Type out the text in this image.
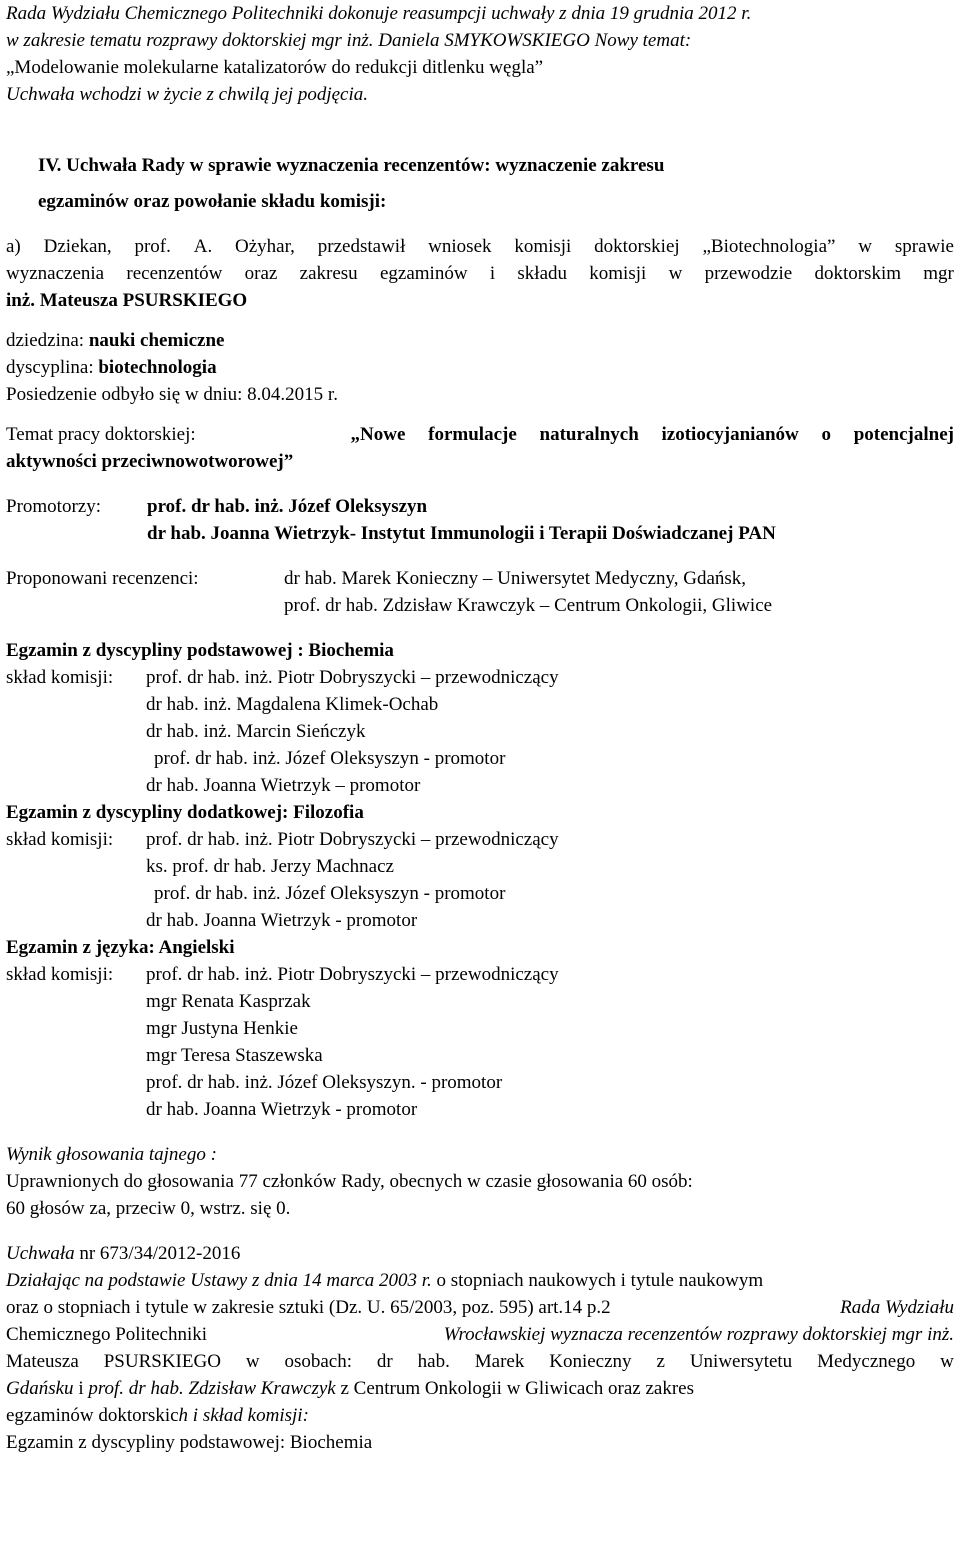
Rada Wydziału Chemicznego Politechniki dokonuje reasumpcji uchwały z dnia 19 grudnia 2012 r.
w zakresie tematu rozprawy doktorskiej mgr inż. Daniela SMYKOWSKIEGO Nowy temat:
„Modelowanie molekularne katalizatorów do redukcji ditlenku węgla”
Uchwała wchodzi w życie z chwilą jej podjęcia.
IV. Uchwała Rady w sprawie wyznaczenia recenzentów: wyznaczenie zakresu
egzaminów oraz powołanie składu komisji:
a) Dziekan, prof. A. Ożyhar, przedstawił wniosek komisji doktorskiej „Biotechnologia” w sprawie
wyznaczenia recenzentów oraz zakresu egzaminów i składu komisji w przewodzie doktorskim mgr
inż. Mateusza PSURSKIEGO
dziedzina: nauki chemiczne
dyscyplina: biotechnologia
Posiedzenie odbyło się w dniu: 8.04.2015 r.
Temat pracy doktorskiej:	„Nowe formulacje naturalnych izotiocyjanianów o potencjalnej
aktywności przeciwnowotworowej”
Promotorzy:	prof. dr hab. inż. Józef Oleksyszyn
dr hab. Joanna Wietrzyk- Instytut Immunologii i Terapii Doświadczanej PAN
Proponowani recenzenci:	dr hab. Marek Konieczny – Uniwersytet Medyczny, Gdańsk,
prof. dr hab. Zdzisław Krawczyk – Centrum Onkologii, Gliwice
Egzamin z dyscypliny podstawowej : Biochemia
skład komisji:	prof. dr hab. inż. Piotr Dobryszycki – przewodniczący
dr hab. inż. Magdalena Klimek-Ochab
dr hab. inż. Marcin Sieńczyk
prof. dr hab. inż. Józef Oleksyszyn - promotor
dr hab. Joanna Wietrzyk – promotor
Egzamin z dyscypliny dodatkowej: Filozofia
skład komisji:	prof. dr hab. inż. Piotr Dobryszycki – przewodniczący
ks. prof. dr hab. Jerzy Machnacz
prof. dr hab. inż. Józef Oleksyszyn - promotor
dr hab. Joanna Wietrzyk - promotor
Egzamin z języka: Angielski
skład komisji:	prof. dr hab. inż. Piotr Dobryszycki – przewodniczący
mgr Renata Kasprzak
mgr Justyna Henkie
mgr Teresa Staszewska
prof. dr hab. inż. Józef Oleksyszyn. - promotor
dr hab. Joanna Wietrzyk - promotor
Wynik głosowania tajnego :
Uprawnionych do głosowania 77 członków Rady, obecnych w czasie głosowania 60 osób:
60 głosów za, przeciw 0, wstrz. się 0.
Uchwała nr 673/34/2012-2016
Działając na podstawie Ustawy z dnia 14 marca 2003 r. o stopniach naukowych i tytule naukowym
oraz o stopniach i tytule w zakresie sztuki (Dz. U. 65/2003, poz. 595) art.14 p.2	Rada Wydziału
Chemicznego Politechniki	Wrocławskiej wyznacza recenzentów rozprawy doktorskiej mgr inż.
Mateusza PSURSKIEGO w osobach: dr hab. Marek Konieczny z Uniwersytetu Medycznego w
Gdańsku i prof. dr hab. Zdzisław Krawczyk z Centrum Onkologii w Gliwicach oraz zakres
egzaminów doktorskich i skład komisji:
Egzamin z dyscypliny podstawowej: Biochemia
